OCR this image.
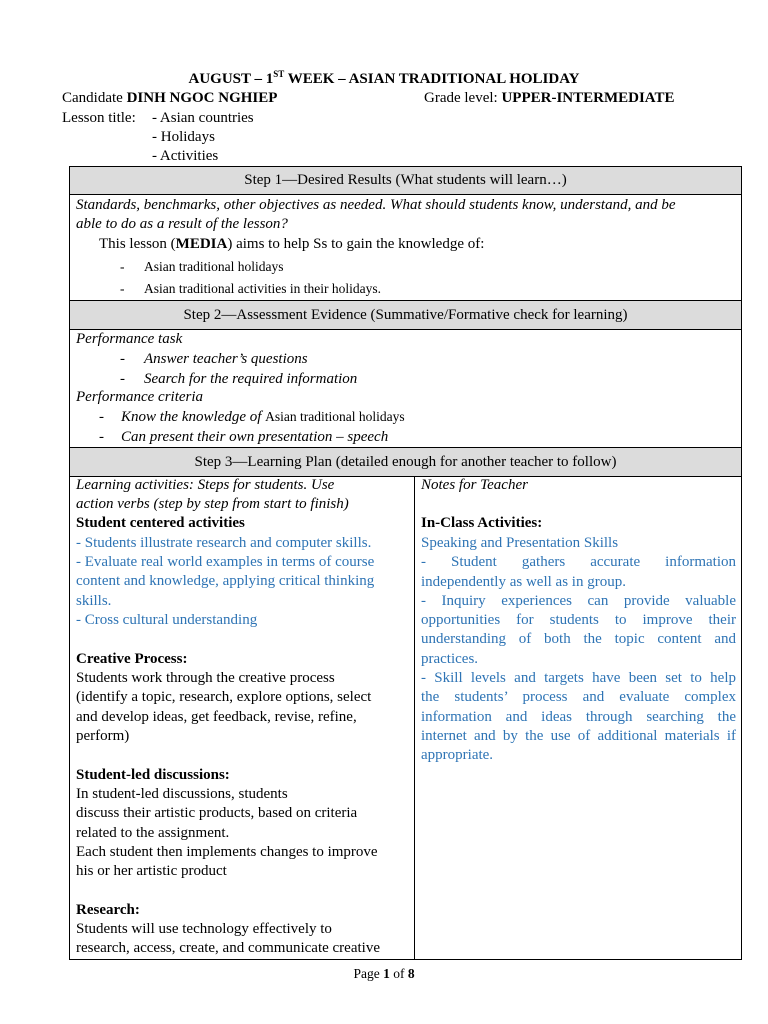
AUGUST – 1ST WEEK – ASIAN TRADITIONAL HOLIDAY
Candidate DINH NGOC NGHIEP	Grade level: UPPER-INTERMEDIATE
Lesson title: - Asian countries
- Holidays
- Activities
Step 1—Desired Results (What students will learn…)
Standards, benchmarks, other objectives as needed. What should students know, understand, and be
able to do as a result of the lesson?
This lesson (MEDIA) aims to help Ss to gain the knowledge of:
- Asian traditional holidays
- Asian traditional activities in their holidays.
Step 2—Assessment Evidence (Summative/Formative check for learning)
Performance task
- Answer teacher’s questions
- Search for the required information
Performance criteria
- Know the knowledge of Asian traditional holidays
- Can present their own presentation – speech
Step 3—Learning Plan (detailed enough for another teacher to follow)
Learning activities: Steps for students. Use
action verbs (step by step from start to finish)
Student centered activities
- Students illustrate research and computer skills.
- Evaluate real world examples in terms of course
content and knowledge, applying critical thinking
skills.
- Cross cultural understanding
Creative Process:
Students work through the creative process
(identify a topic, research, explore options, select
and develop ideas, get feedback, revise, refine,
perform)
Student-led discussions:
In student-led discussions, students
discuss their artistic products, based on criteria
related to the assignment.
Each student then implements changes to improve
his or her artistic product
Research:
Students will use technology effectively to
research, access, create, and communicate creative
Notes for Teacher
In-Class Activities:
Speaking and Presentation Skills
- Student gathers accurate information
independently as well as in group.
- Inquiry experiences can provide valuable
opportunities for students to improve their
understanding of both the topic content and
practices.
- Skill levels and targets have been set to help
the students’ process and evaluate complex
information and ideas through searching the
internet and by the use of additional materials if
appropriate.
Page 1 of 8
